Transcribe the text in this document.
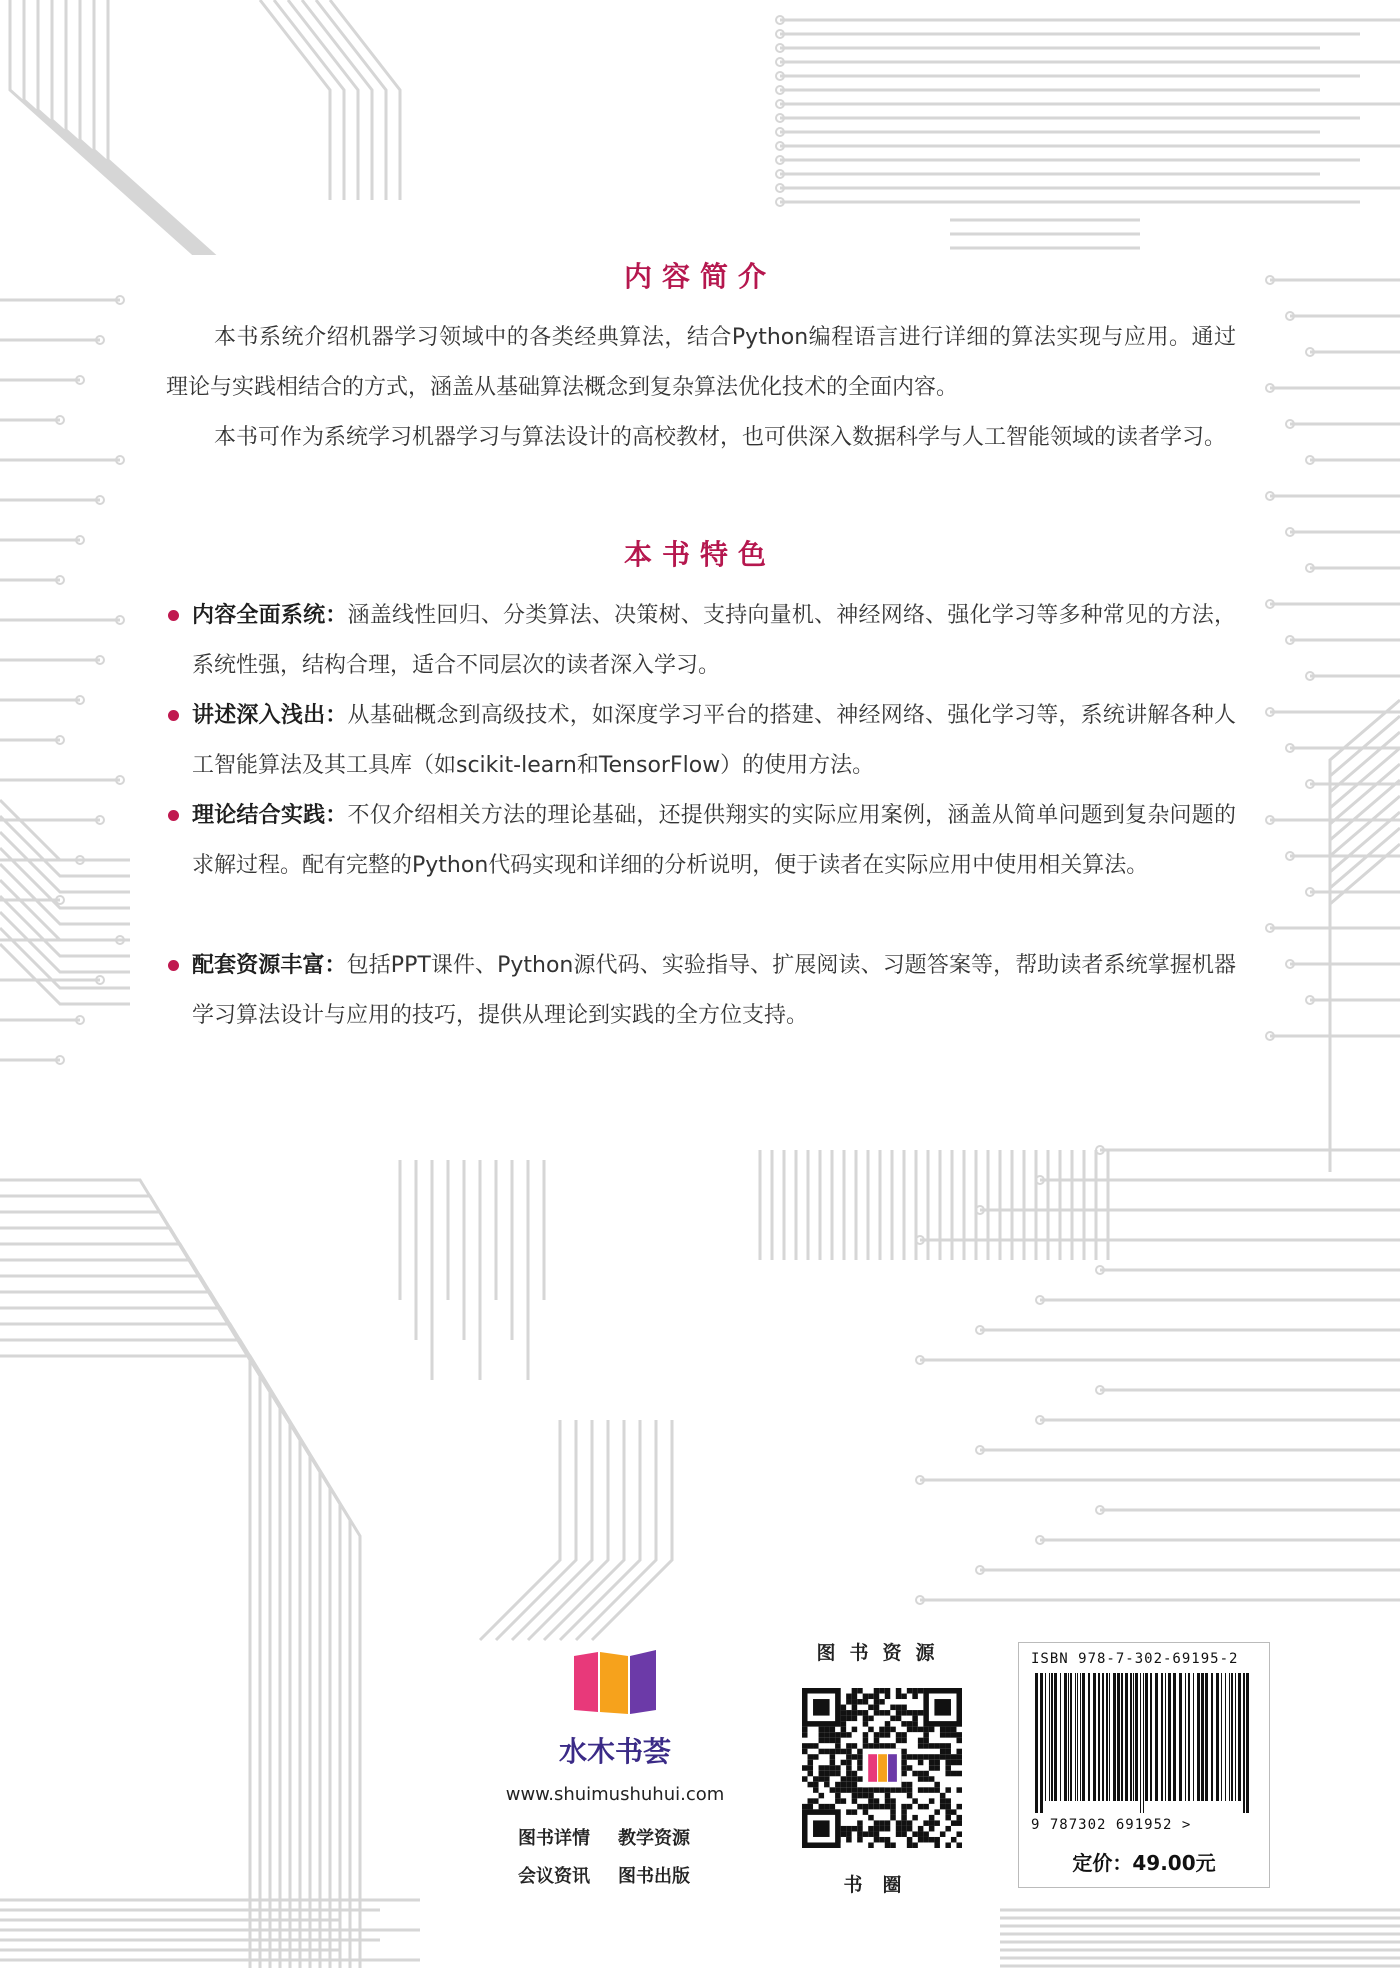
内容简介
本书系统介绍机器学习领域中的各类经典算法，结合Python编程语言进行详细的算法实现与应用。通过理论与实践相结合的方式，涵盖从基础算法概念到复杂算法优化技术的全面内容。
本书可作为系统学习机器学习与算法设计的高校教材，也可供深入数据科学与人工智能领域的读者学习。
本书特色
内容全面系统：涵盖线性回归、分类算法、决策树、支持向量机、神经网络、强化学习等多种常见的方法，系统性强，结构合理，适合不同层次的读者深入学习。
讲述深入浅出：从基础概念到高级技术，如深度学习平台的搭建、神经网络、强化学习等，系统讲解各种人工智能算法及其工具库（如scikit-learn和TensorFlow）的使用方法。
理论结合实践：不仅介绍相关方法的理论基础，还提供翔实的实际应用案例，涵盖从简单问题到复杂问题的求解过程。配有完整的Python代码实现和详细的分析说明，便于读者在实际应用中使用相关算法。
配套资源丰富：包括PPT课件、Python源代码、实验指导、扩展阅读、习题答案等，帮助读者系统掌握机器学习算法设计与应用的技巧，提供从理论到实践的全方位支持。
水木书荟
www.shuimushuhui.com
图书详情 教学资源 会议资讯 图书出版
图书资源
书圈
ISBN 978-7-302-69195-2
9 787302 691952 >
定价：49.00元
